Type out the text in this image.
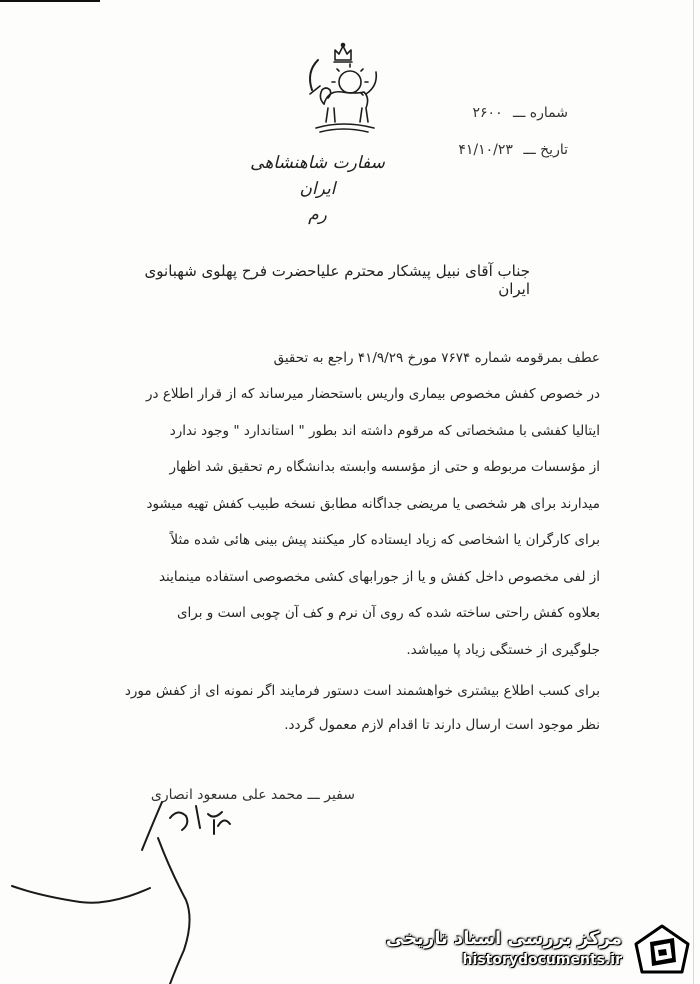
شماره ـــ ۲۶۰۰
تاریخ ـــ ۴۱/۱۰/۲۳
سفارت شاهنشاهی ایران
رم
جناب آقای نبیل پیشکار محترم علیاحضرت فرح پهلوی شهبانوی ایران
عطف بمرقومه شماره ۷۶۷۴ مورخ ۴۱/۹/۲۹ راجع به تحقیق
در خصوص کفش مخصوص بیماری واریس باستحضار میرساند که از قرار اطلاع در
ایتالیا کفشی با مشخصاتی که مرقوم داشته اند بطور " استاندارد " وجود ندارد
از مؤسسات مربوطه و حتی از مؤسسه وابسته بدانشگاه رم تحقیق شد اظهار
میدارند برای هر شخصی یا مریضی جداگانه مطابق نسخه طبیب کفش تهیه میشود
برای کارگران یا اشخاصی که زیاد ایستاده کار میکنند پیش بینی هائی شده مثلاً
از لفی مخصوص داخل کفش و یا از جورابهای کشی مخصوصی استفاده مینمایند
بعلاوه کفش راحتی ساخته شده که روی آن نرم و کف آن چوبی است و برای
جلوگیری از خستگی زیاد پا میباشد.
برای کسب اطلاع بیشتری خواهشمند است دستور فرمایند اگر نمونه ای از کفش مورد
نظر موجود است ارسال دارند تا اقدام لازم معمول گردد.
سفیر ـــ محمد علی مسعود انصاری
مرکز بررسی اسناد تاریخی
historydocuments.ir
